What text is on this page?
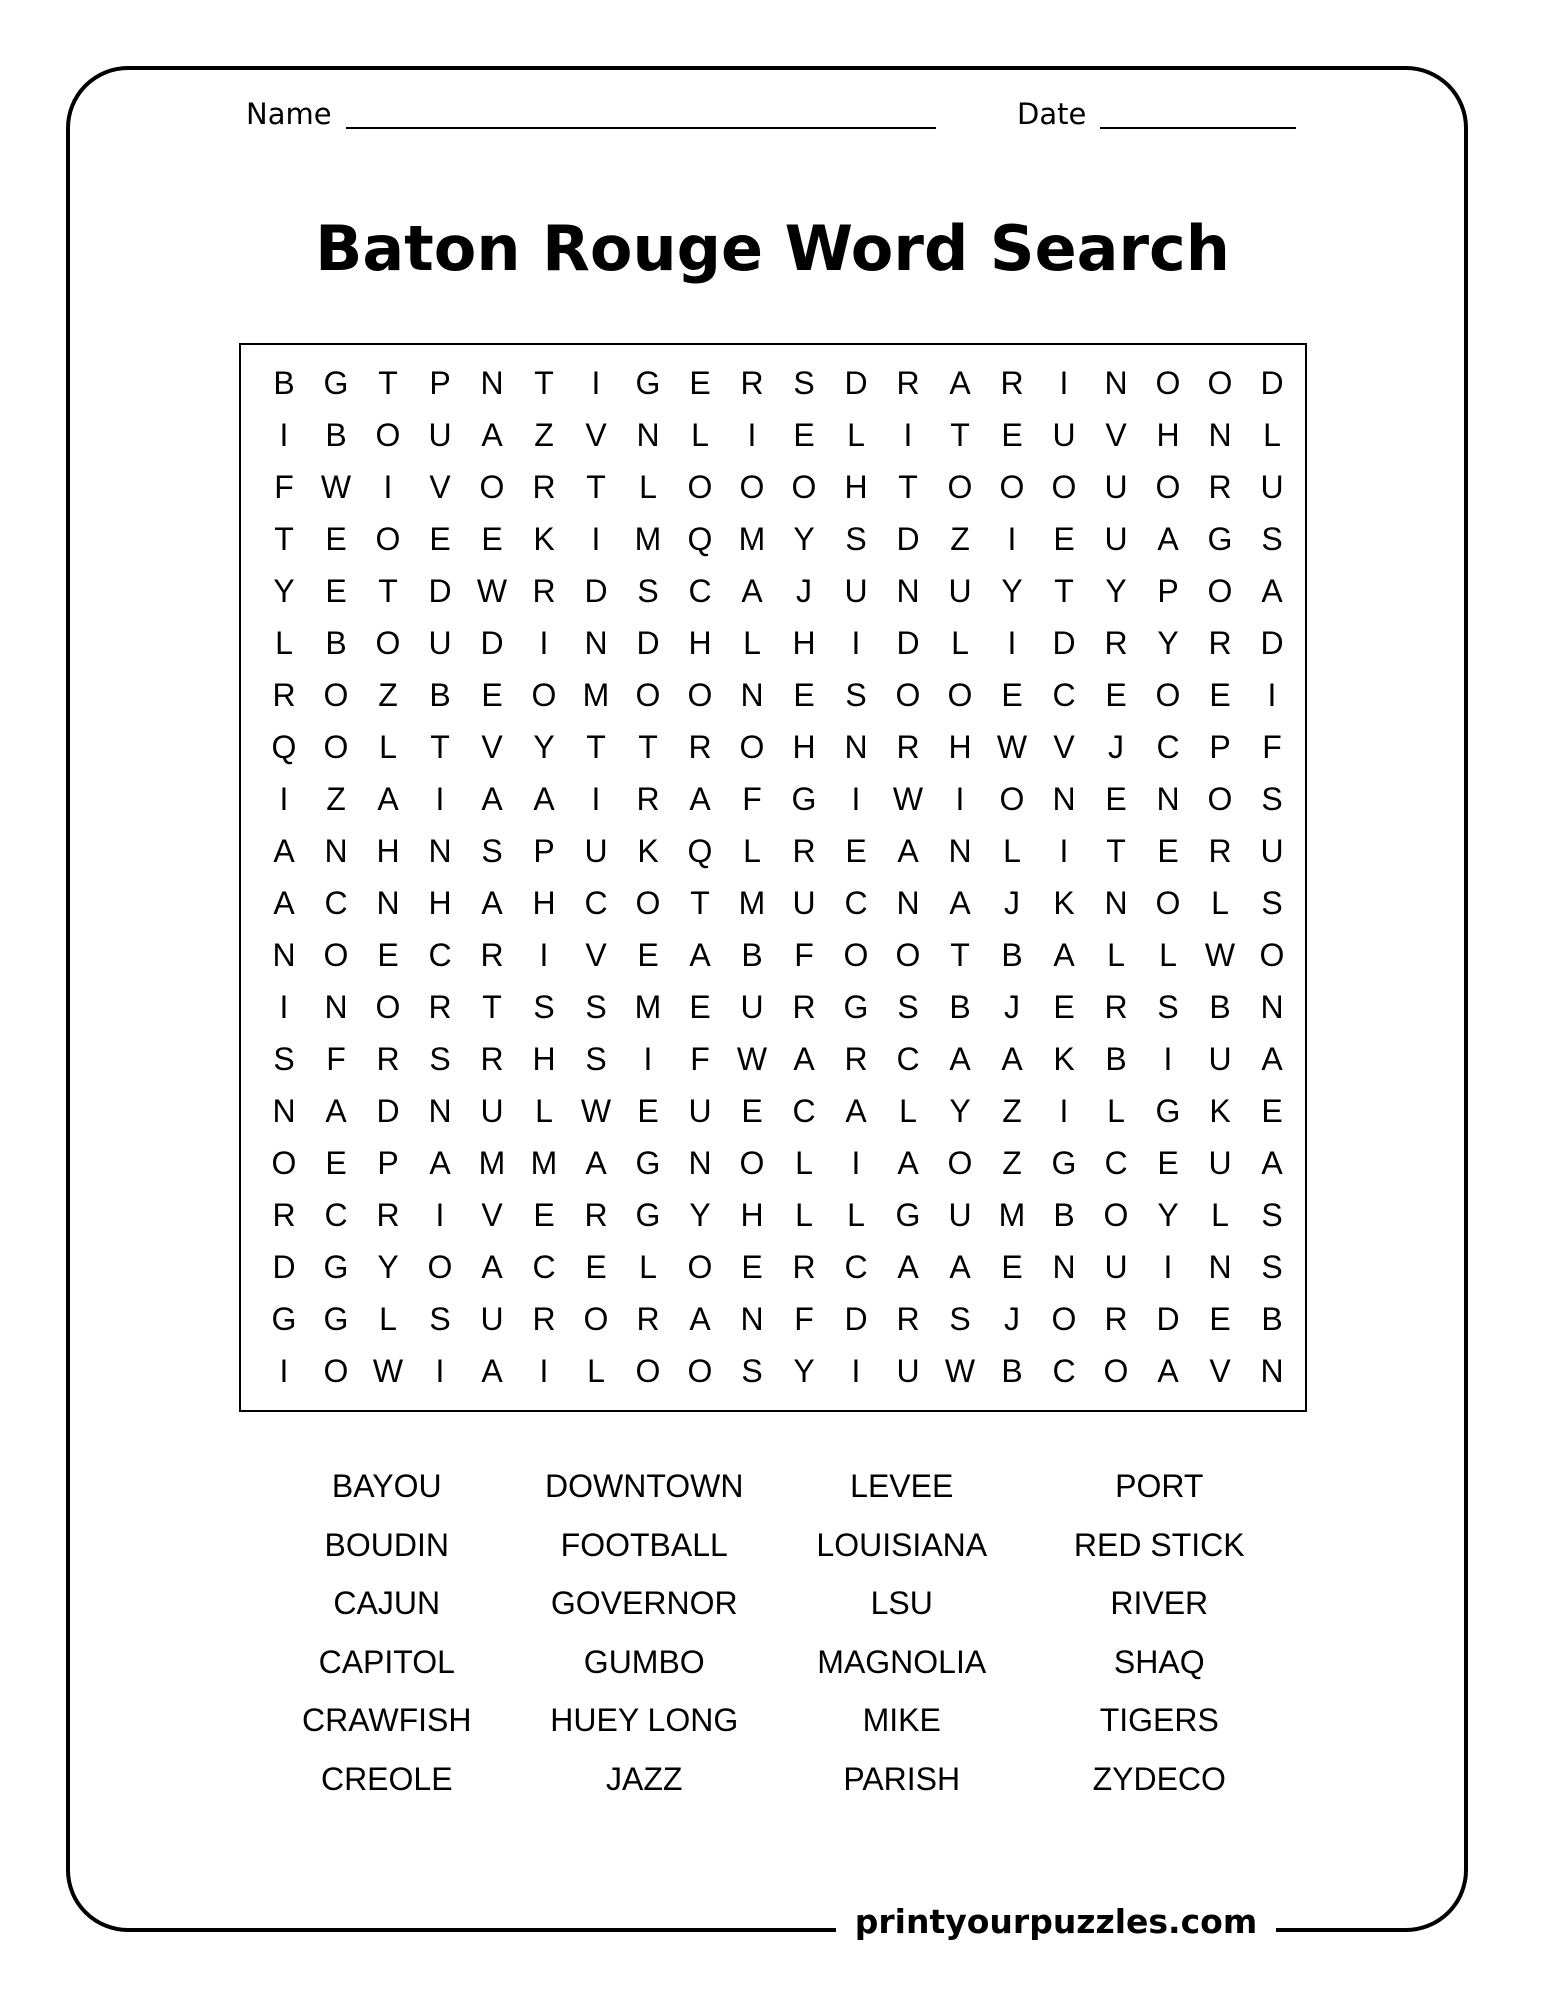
Name	Date
Baton Rouge Word Search
B G T P N T	I	G E R S D R A R	I	N O O D
I	B O U A Z V N L	I	E	L	I	T E U V H N L
F W	I	V O R T	L O O O H T O O O U O R U
T E O E E K	I	M Q M Y S D Z	I	E U A G S
Y E T D W R D S C A	J	U N U Y T Y P O A
L	B O U D	I	N D H L H	I	D L	I	D R Y R D
R O Z B E O M O O N E S O O E C E O E	I
Q O L	T V Y T	T R O H N R H W V	J	C P F
I	Z A	I	A A	I	R A F G	I	W	I	O N E N O S
A N H N S P U K Q L R E A N L	I	T E R U
A C N H A H C O T M U C N A	J	K N O L	S
N O E C R	I	V E A B F O O T B A	L	L W O
I	N O R T S S M E U R G S B	J	E R S B N
S F R S R H S	I	F W A R C A A K B	I	U A
N A D N U L W E U E C A	L	Y Z	I	L G K E
O E P A M M A G N O L	I	A O Z G C E U A
R C R	I	V E R G Y H L	L G U M B O Y	L	S
D G Y O A C E	L O E R C A A E N U	I	N S
G G L	S U R O R A N F D R S	J O R D E B
I	O W	I	A	I	L O O S Y	I	U W B C O A V N
BAYOU	DOWNTOWN	LEVEE	PORT
BOUDIN	FOOTBALL	LOUISIANA	RED STICK
CAJUN	GOVERNOR	LSU	RIVER
CAPITOL	GUMBO	MAGNOLIA	SHAQ
CRAWFISH	HUEY LONG	MIKE	TIGERS
CREOLE	JAZZ	PARISH	ZYDECO
printyourpuzzles.com
